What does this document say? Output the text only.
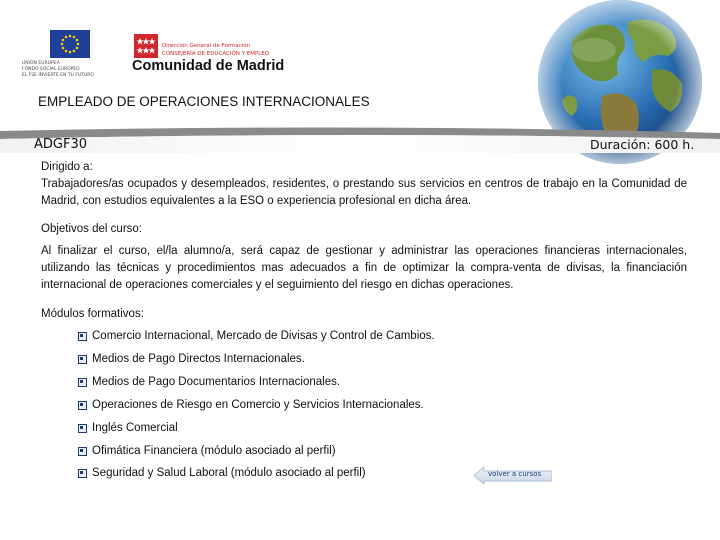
UNIÓN EUROPEA
FONDO SOCIAL EUROPEO
EL FSE INVIERTE EN TU FUTURO
Dirección General de Formación
CONSEJERÍA DE EDUCACIÓN Y EMPLEO
Comunidad de Madrid
EMPLEADO DE OPERACIONES INTERNACIONALES
ADGF30	Duración: 600 h.
Dirigido a:
Trabajadores/as ocupados y desempleados, residentes, o prestando sus servicios en centros de trabajo en la Comunidad de Madrid, con estudios equivalentes a la ESO o experiencia profesional en dicha área.
Objetivos del curso:
Al finalizar el curso, el/la alumno/a, será capaz de gestionar y administrar las operaciones financieras internacionales, utilizando las técnicas y procedimientos mas adecuados a fin de optimizar la compra-venta de divisas, la financiación internacional de operaciones comerciales y el seguimiento del riesgo en dichas operaciones.
Módulos formativos:
Comercio Internacional, Mercado de Divisas y Control de Cambios.
Medios de Pago Directos Internacionales.
Medios de Pago Documentarios Internacionales.
Operaciones de Riesgo en Comercio y Servicios Internacionales.
Inglés Comercial
Ofimática Financiera (módulo asociado al perfil)
Seguridad y Salud Laboral (módulo asociado al perfil)	volver a cursos
